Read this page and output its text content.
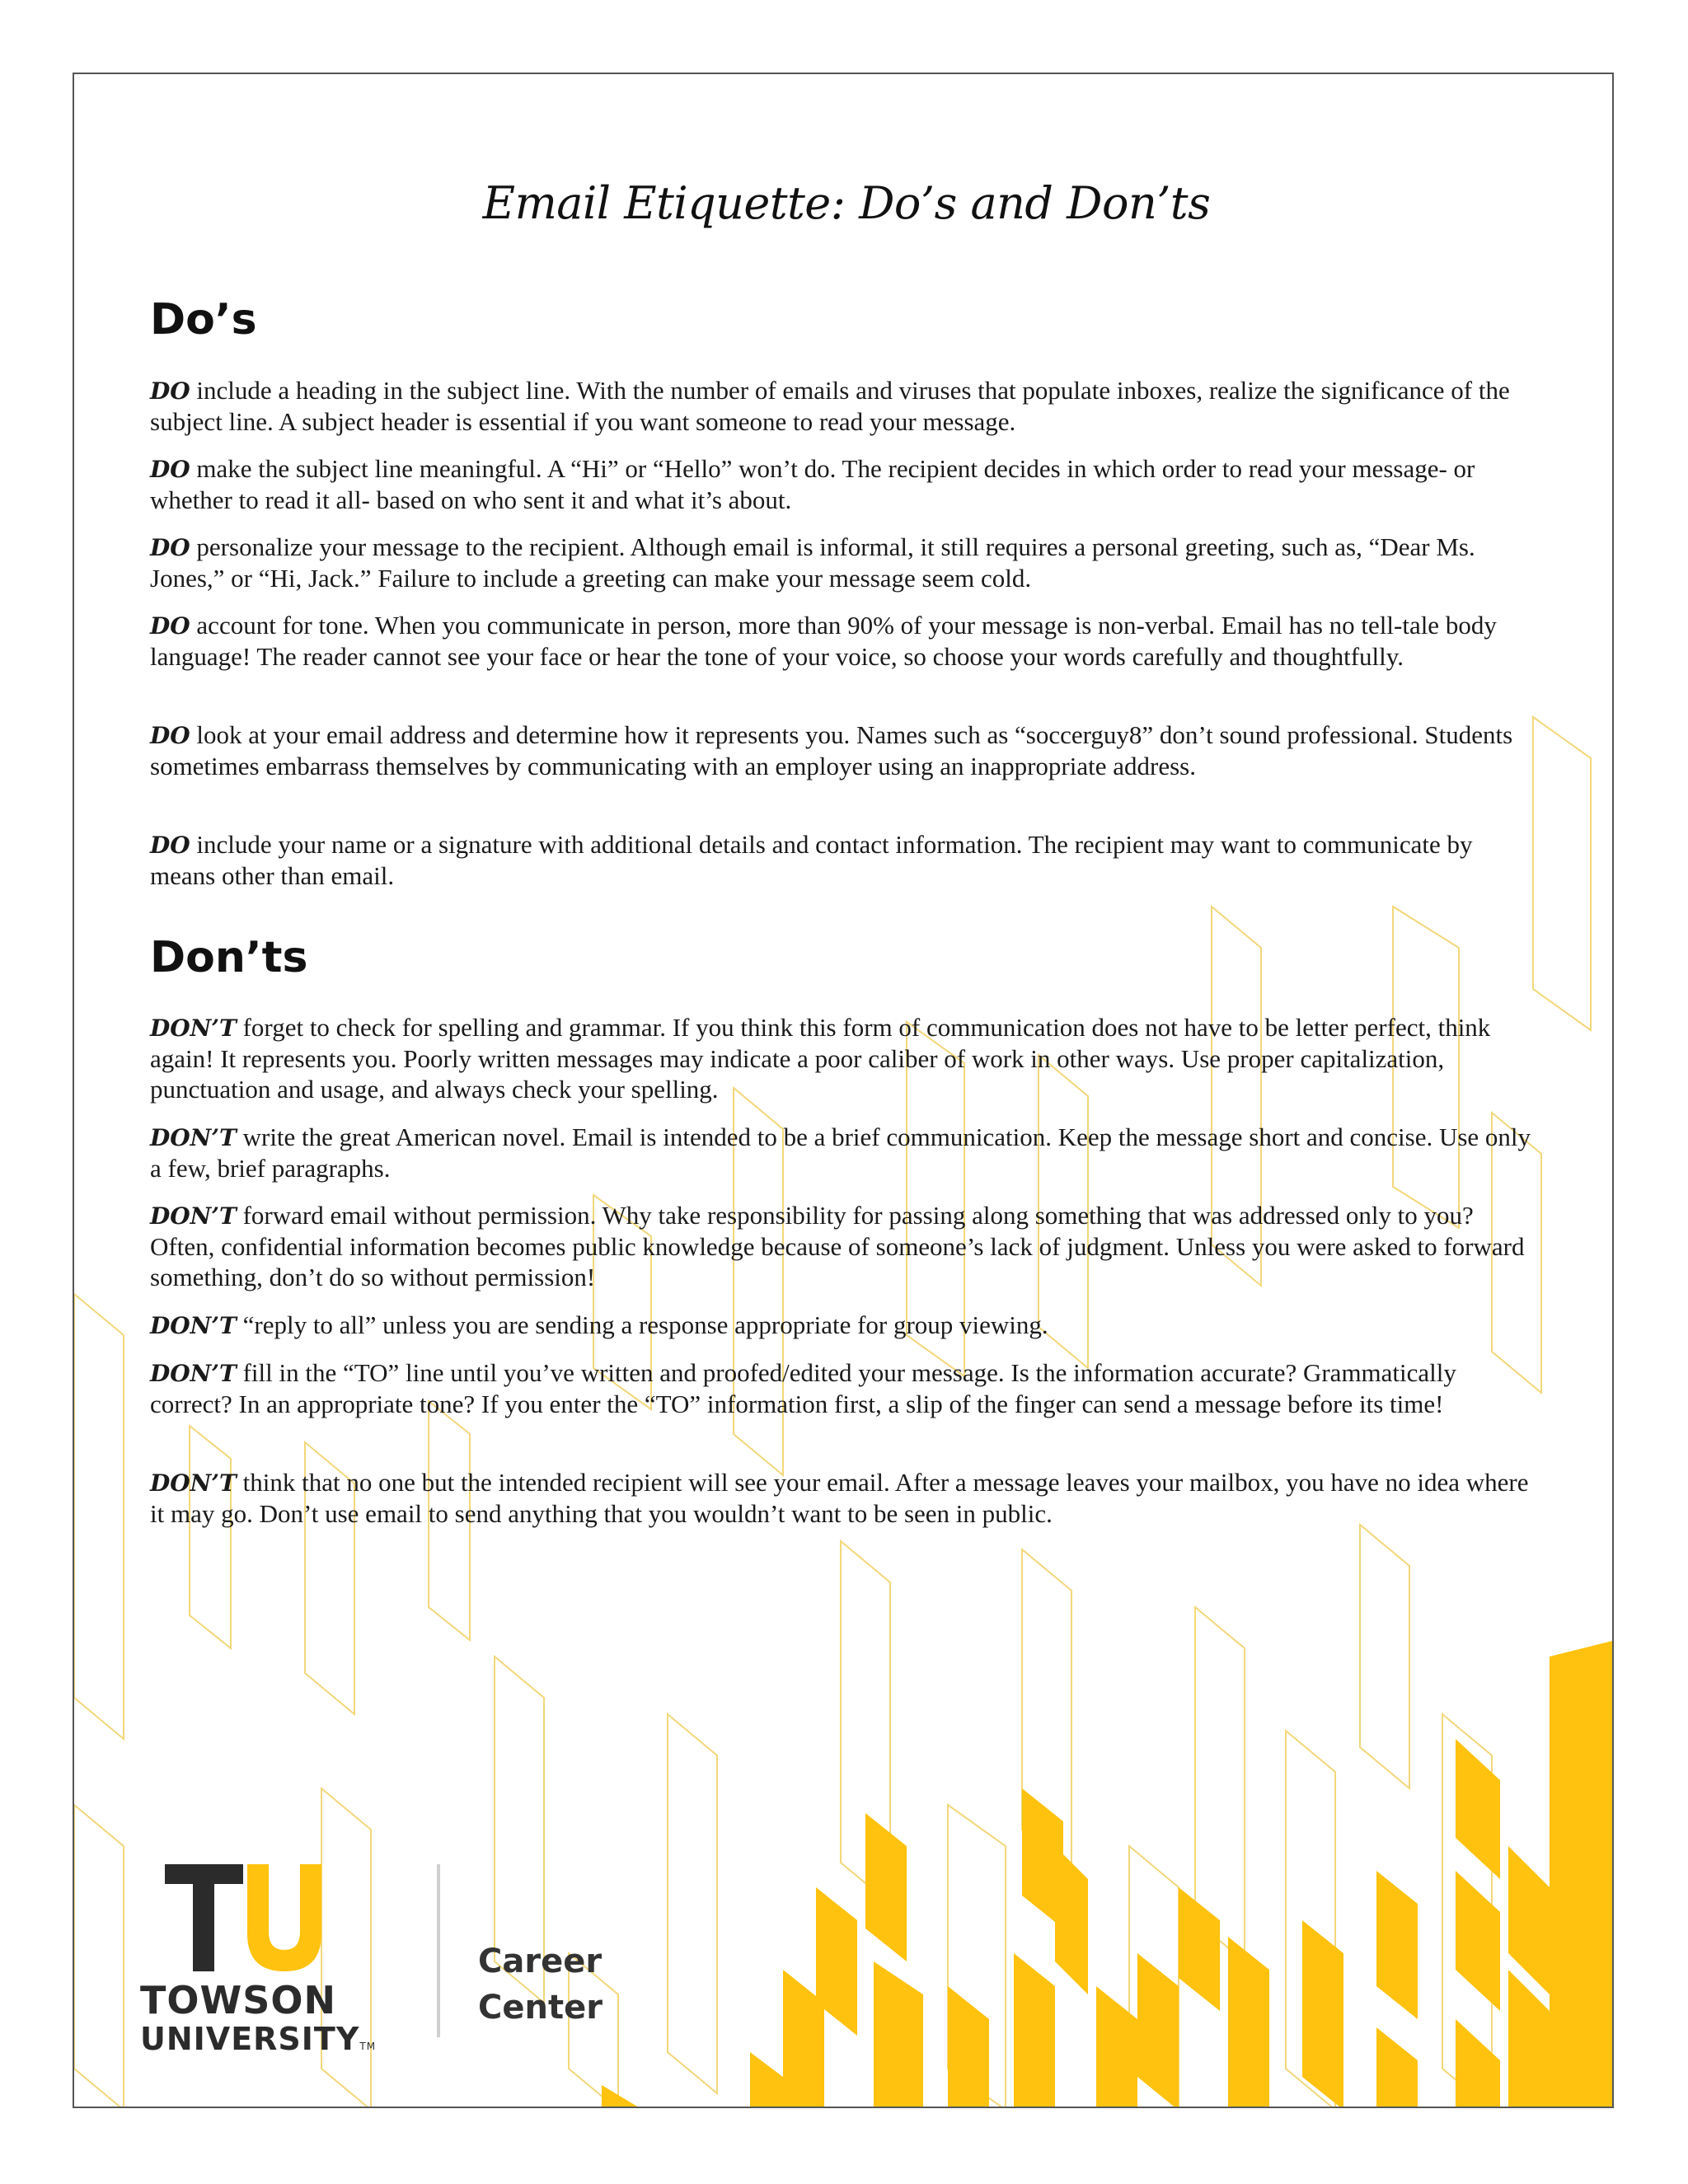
Email Etiquette: Do’s and Don’ts
Do’s

DO include a heading in the subject line. With the number of emails and viruses that populate inboxes, realize the significance of the subject line. A subject header is essential if you want someone to read your message.

DO make the subject line meaningful. A “Hi” or “Hello” won’t do. The recipient decides in which order to read your message- or whether to read it all- based on who sent it and what it’s about.

DO personalize your message to the recipient. Although email is informal, it still requires a personal greeting, such as, “Dear Ms. Jones,” or “Hi, Jack.” Failure to include a greeting can make your message seem cold.

DO account for tone. When you communicate in person, more than 90% of your message is non-verbal. Email has no tell-tale body language! The reader cannot see your face or hear the tone of your voice, so choose your words carefully and thoughtfully.

DO look at your email address and determine how it represents you. Names such as “soccerguy8” don’t sound professional. Students sometimes embarrass themselves by communicating with an employer using an inappropriate address.

DO include your name or a signature with additional details and contact information. The recipient may want to communicate by means other than email.

Don’ts

DON’T forget to check for spelling and grammar. If you think this form of communication does not have to be letter perfect, think again! It represents you. Poorly written messages may indicate a poor caliber of work in other ways. Use proper capitalization, punctuation and usage, and always check your spelling.

DON’T write the great American novel. Email is intended to be a brief communication. Keep the message short and concise. Use only a few, brief paragraphs.

DON’T forward email without permission. Why take responsibility for passing along something that was addressed only to you? Often, confidential information becomes public knowledge because of someone’s lack of judgment. Unless you were asked to forward something, don’t do so without permission!

DON’T “reply to all” unless you are sending a response appropriate for group viewing.

DON’T fill in the “TO” line until you’ve written and proofed/edited your message. Is the information accurate? Grammatically correct? In an appropriate tone? If you enter the “TO” information first, a slip of the finger can send a message before its time!

DON’T think that no one but the intended recipient will see your email. After a message leaves your mailbox, you have no idea where it may go. Don’t use email to send anything that you wouldn’t want to be seen in public.

TOWSON
UNIVERSITYTM
Career
Center
